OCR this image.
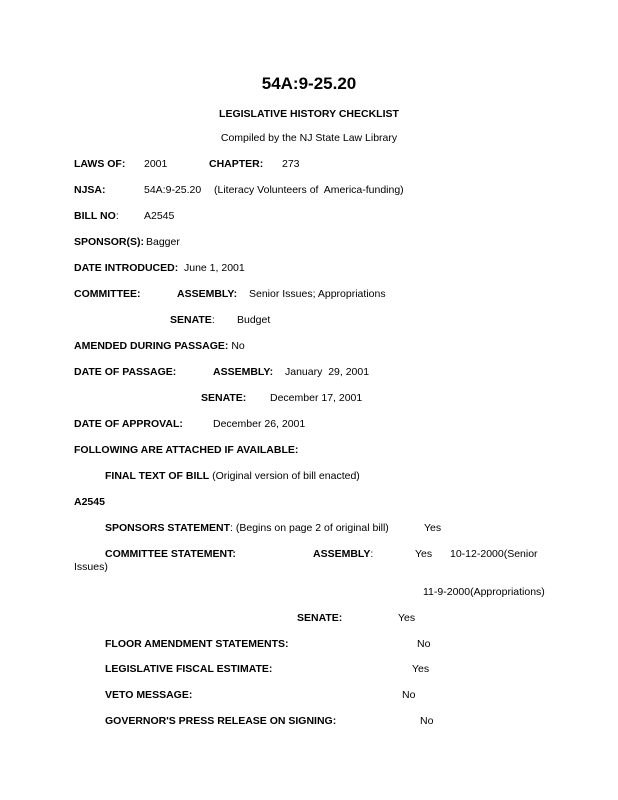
54A:9-25.20
LEGISLATIVE HISTORY CHECKLIST
Compiled by the NJ State Law Library
LAWS OF: 2001	CHAPTER: 273
NJSA:	54A:9-25.20 (Literacy Volunteers of  America-funding)
BILL NO: A2545
SPONSOR(S): Bagger
DATE INTRODUCED: June 1, 2001
COMMITTEE:	ASSEMBLY: Senior Issues; Appropriations
SENATE: Budget
AMENDED DURING PASSAGE: No
DATE OF PASSAGE:	ASSEMBLY: January  29, 2001
SENATE: December 17, 2001
DATE OF APPROVAL:	December 26, 2001
FOLLOWING ARE ATTACHED IF AVAILABLE:
FINAL TEXT OF BILL (Original version of bill enacted)
A2545
SPONSORS STATEMENT: (Begins on page 2 of original bill)	Yes
COMMITTEE STATEMENT:	ASSEMBLY:	Yes 10-12-2000(Senior
Issues)
11-9-2000(Appropriations)
SENATE:	Yes
FLOOR AMENDMENT STATEMENTS:	No
LEGISLATIVE FISCAL ESTIMATE:	Yes
VETO MESSAGE:	No
GOVERNOR'S PRESS RELEASE ON SIGNING:	No
